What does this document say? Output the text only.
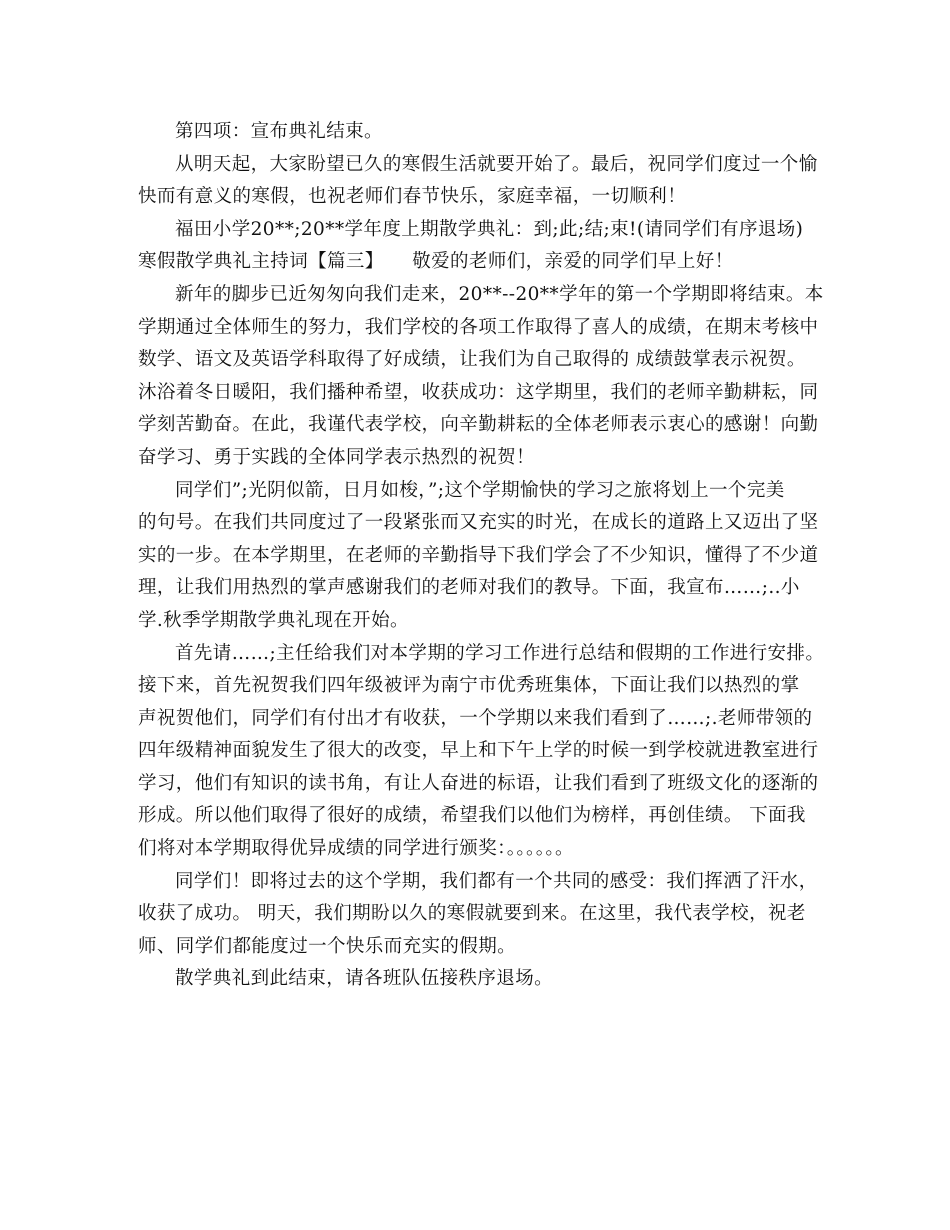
第四项：宣布典礼结束。
从明天起，大家盼望已久的寒假生活就要开始了。最后，祝同学们度过一个愉
快而有意义的寒假，也祝老师们春节快乐，家庭幸福，一切顺利！
福田小学20**;20**学年度上期散学典礼：到;此;结;束!(请同学们有序退场)
寒假散学典礼主持词【篇三】　　敬爱的老师们，亲爱的同学们早上好！
新年的脚步已近匆匆向我们走来，20**--20**学年的第一个学期即将结束。本
学期通过全体师生的努力，我们学校的各项工作取得了喜人的成绩，在期末考核中
数学、语文及英语学科取得了好成绩，让我们为自己取得的 成绩鼓掌表示祝贺。
沐浴着冬日暖阳，我们播种希望，收获成功：这学期里，我们的老师辛勤耕耘，同
学刻苦勤奋。在此，我谨代表学校，向辛勤耕耘的全体老师表示衷心的感谢！向勤
奋学习、勇于实践的全体同学表示热烈的祝贺！
同学们”;光阴似箭，日月如梭，”;这个学期愉快的学习之旅将划上一个完美
的句号。在我们共同度过了一段紧张而又充实的时光，在成长的道路上又迈出了坚
实的一步。在本学期里，在老师的辛勤指导下我们学会了不少知识，懂得了不少道
理，让我们用热烈的掌声感谢我们的老师对我们的教导。下面，我宣布……;..小
学.秋季学期散学典礼现在开始。
首先请……;主任给我们对本学期的学习工作进行总结和假期的工作进行安排。
接下来，首先祝贺我们四年级被评为南宁市优秀班集体，下面让我们以热烈的掌
声祝贺他们，同学们有付出才有收获，一个学期以来我们看到了……;.老师带领的
四年级精神面貌发生了很大的改变，早上和下午上学的时候一到学校就进教室进行
学习，他们有知识的读书角，有让人奋进的标语，让我们看到了班级文化的逐渐的
形成。所以他们取得了很好的成绩，希望我们以他们为榜样，再创佳绩。 下面我
们将对本学期取得优异成绩的同学进行颁奖：。。。。。。
同学们！即将过去的这个学期，我们都有一个共同的感受：我们挥洒了汗水，
收获了成功。 明天，我们期盼以久的寒假就要到来。在这里，我代表学校，祝老
师、同学们都能度过一个快乐而充实的假期。
散学典礼到此结束，请各班队伍接秩序退场。
